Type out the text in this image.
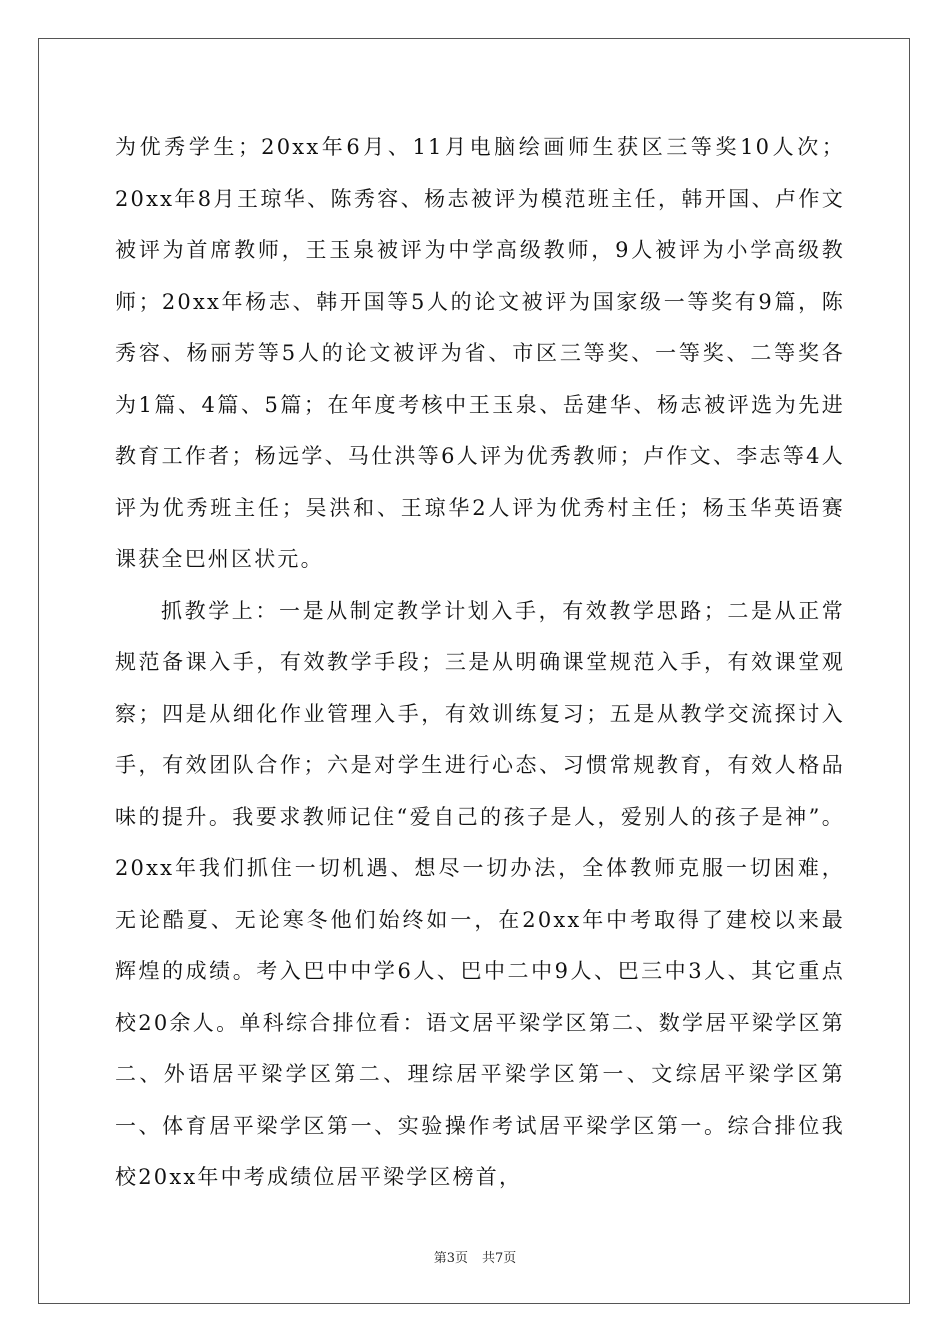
为优秀学生；20xx年6月、11月电脑绘画师生获区三等奖10人次；20xx年8月王琼华、陈秀容、杨志被评为模范班主任，韩开国、卢作文被评为首席教师，王玉泉被评为中学高级教师，9人被评为小学高级教师；20xx年杨志、韩开国等5人的论文被评为国家级一等奖有9篇，陈秀容、杨丽芳等5人的论文被评为省、市区三等奖、一等奖、二等奖各为1篇、4篇、5篇；在年度考核中王玉泉、岳建华、杨志被评选为先进教育工作者；杨远学、马仕洪等6人评为优秀教师；卢作文、李志等4人评为优秀班主任；吴洪和、王琼华2人评为优秀村主任；杨玉华英语赛课获全巴州区状元。

抓教学上：一是从制定教学计划入手，有效教学思路；二是从正常规范备课入手，有效教学手段；三是从明确课堂规范入手，有效课堂观察；四是从细化作业管理入手，有效训练复习；五是从教学交流探讨入手，有效团队合作；六是对学生进行心态、习惯常规教育，有效人格品味的提升。我要求教师记住“爱自己的孩子是人，爱别人的孩子是神”。20xx年我们抓住一切机遇、想尽一切办法，全体教师克服一切困难，无论酷夏、无论寒冬他们始终如一，在20xx年中考取得了建校以来最辉煌的成绩。考入巴中中学6人、巴中二中9人、巴三中3人、其它重点校20余人。单科综合排位看：语文居平梁学区第二、数学居平梁学区第二、外语居平梁学区第二、理综居平梁学区第一、文综居平梁学区第一、体育居平梁学区第一、实验操作考试居平梁学区第一。综合排位我校20xx年中考成绩位居平梁学区榜首，

第3页 共7页
